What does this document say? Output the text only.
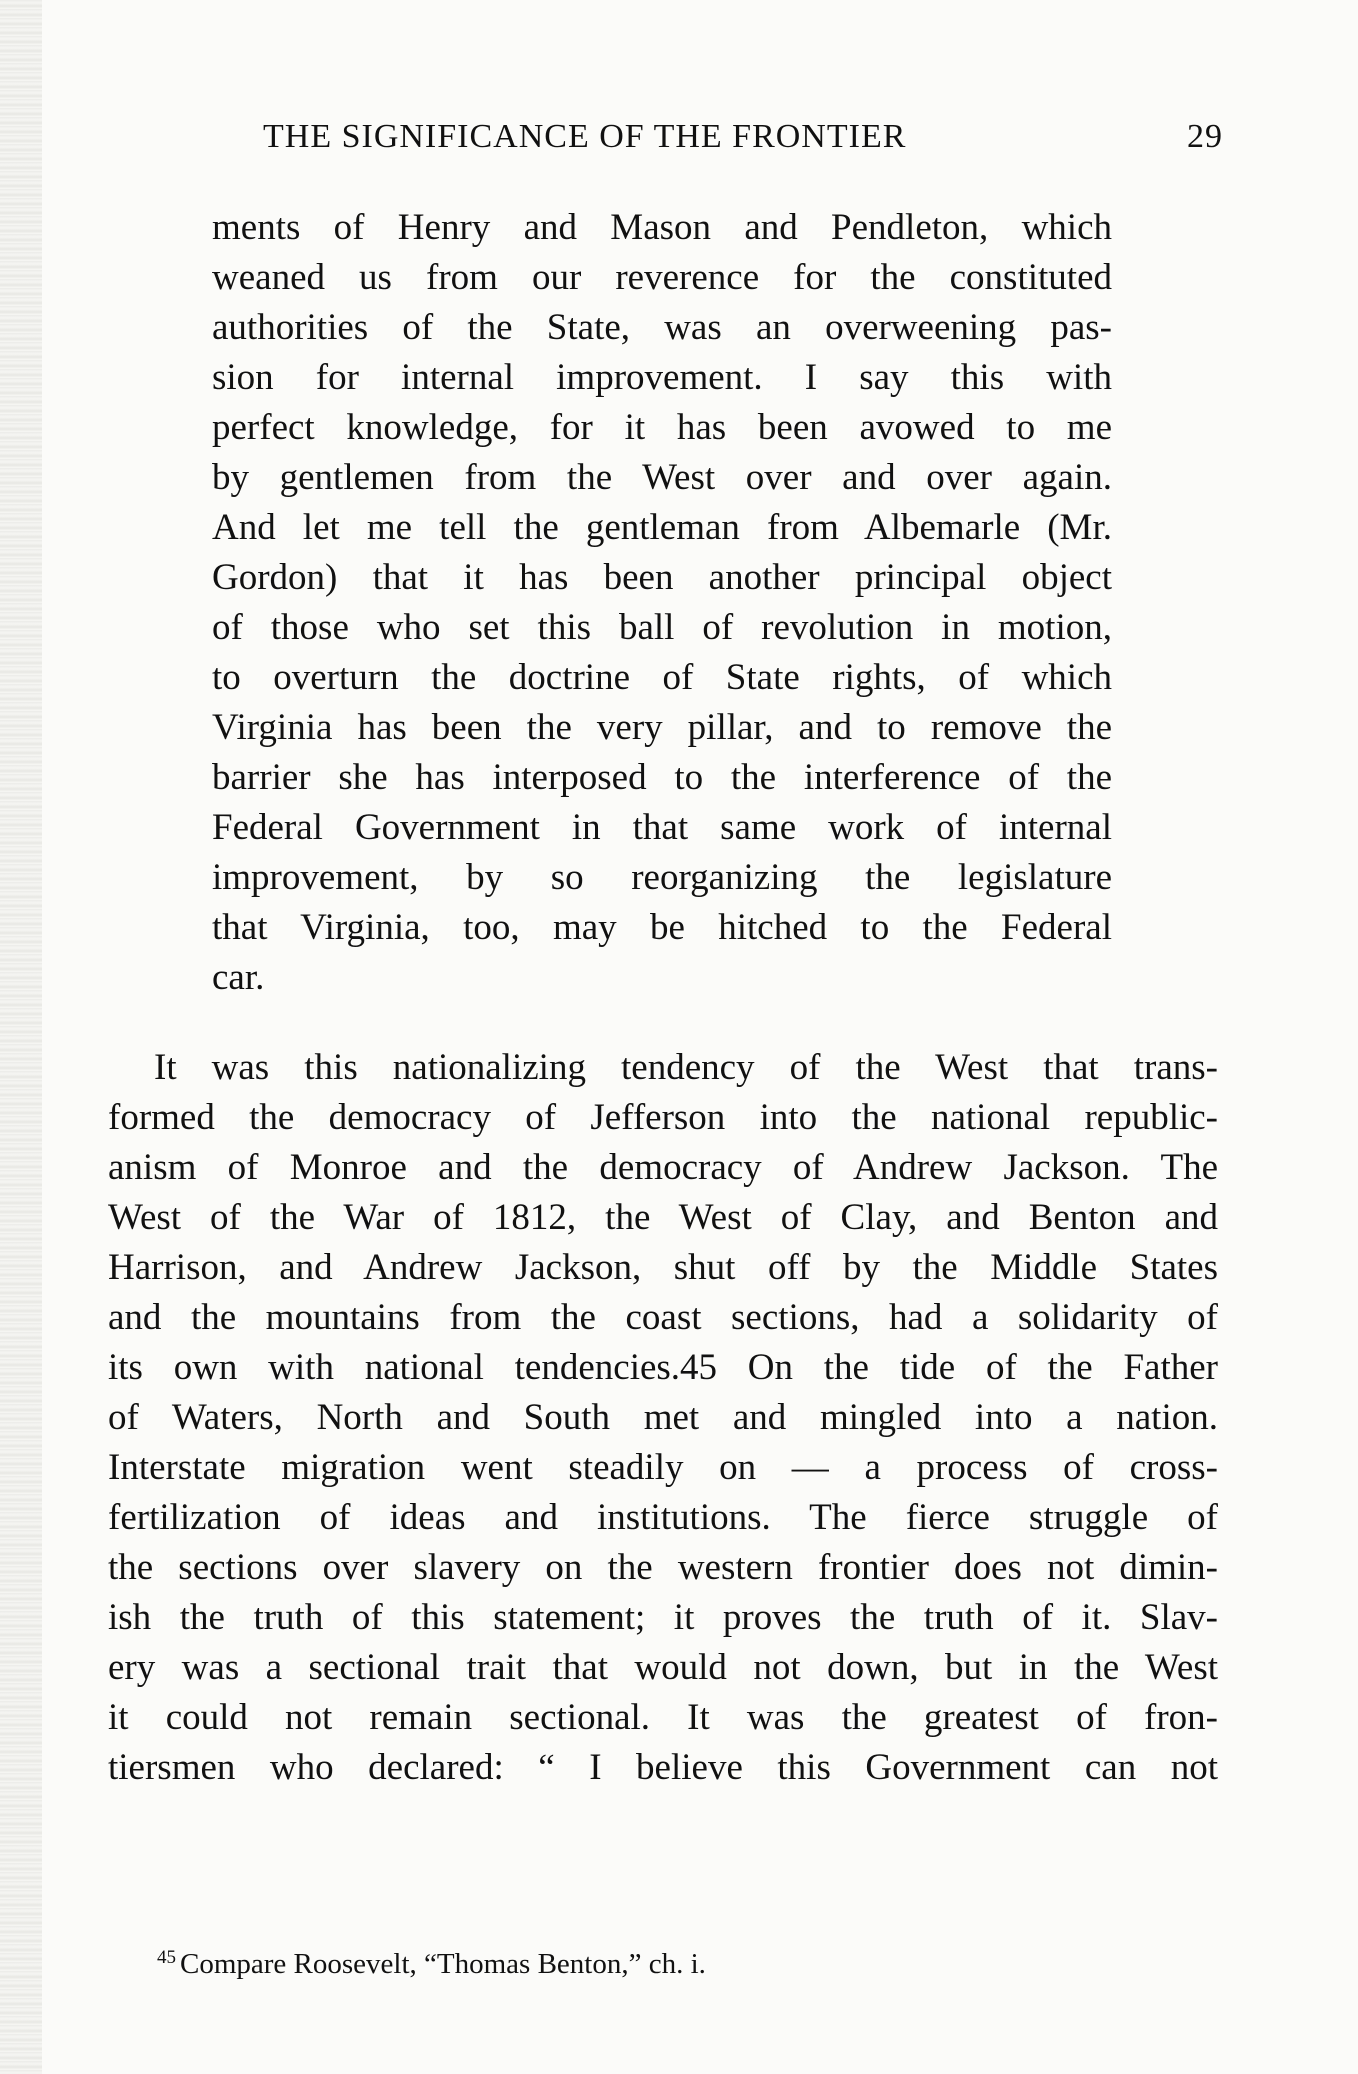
THE SIGNIFICANCE OF THE FRONTIER	29
ments of Henry and Mason and Pendleton, which
weaned us from our reverence for the constituted
authorities of the State, was an overweening pas-
sion for internal improvement. I say this with
perfect knowledge, for it has been avowed to me
by gentlemen from the West over and over again.
And let me tell the gentleman from Albemarle (Mr.
Gordon) that it has been another principal object
of those who set this ball of revolution in motion,
to overturn the doctrine of State rights, of which
Virginia has been the very pillar, and to remove the
barrier she has interposed to the interference of the
Federal Government in that same work of internal
improvement, by so reorganizing the legislature
that Virginia, too, may be hitched to the Federal
car.
It was this nationalizing tendency of the West that trans-
formed the democracy of Jefferson into the national republic-
anism of Monroe and the democracy of Andrew Jackson. The
West of the War of 1812, the West of Clay, and Benton and
Harrison, and Andrew Jackson, shut off by the Middle States
and the mountains from the coast sections, had a solidarity of
its own with national tendencies.45 On the tide of the Father
of Waters, North and South met and mingled into a nation.
Interstate migration went steadily on — a process of cross-
fertilization of ideas and institutions. The fierce struggle of
the sections over slavery on the western frontier does not dimin-
ish the truth of this statement; it proves the truth of it. Slav-
ery was a sectional trait that would not down, but in the West
it could not remain sectional. It was the greatest of fron-
tiersmen who declared: “ I believe this Government can not
$^{45}$ Compare Roosevelt, “Thomas Benton,” ch. i.
